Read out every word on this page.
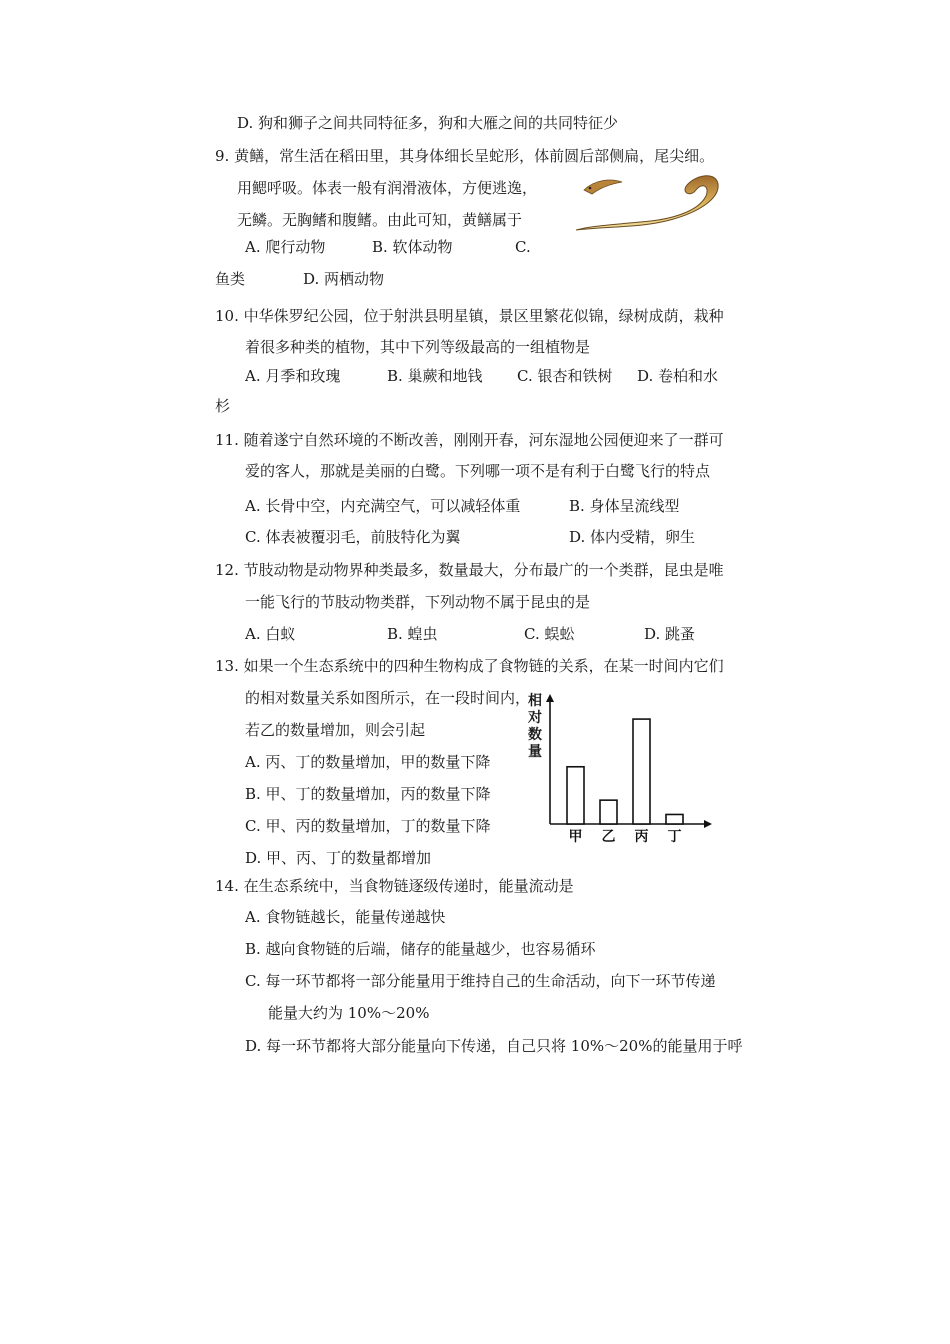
D. 狗和狮子之间共同特征多，狗和大雁之间的共同特征少
9. 黄鳝，常生活在稻田里，其身体细长呈蛇形，体前圆后部侧扁，尾尖细。
用鳃呼吸。体表一般有润滑液体，方便逃逸，
无鳞。无胸鳍和腹鳍。由此可知，黄鳝属于
A. 爬行动物	B. 软体动物	C.
鱼类	D. 两栖动物
10. 中华侏罗纪公园，位于射洪县明星镇，景区里繁花似锦，绿树成荫，栽种
着很多种类的植物，其中下列等级最高的一组植物是
A. 月季和玫瑰	B. 巢蕨和地钱 C. 银杏和铁树 D. 卷柏和水
杉
11. 随着遂宁自然环境的不断改善，刚刚开春，河东湿地公园便迎来了一群可
爱的客人，那就是美丽的白鹭。下列哪一项不是有利于白鹭飞行的特点
A. 长骨中空，内充满空气，可以减轻体重	B. 身体呈流线型
C. 体表被覆羽毛，前肢特化为翼	D. 体内受精，卵生
12. 节肢动物是动物界种类最多，数量最大，分布最广的一个类群，昆虫是唯
一能飞行的节肢动物类群，下列动物不属于昆虫的是
A. 白蚁	B. 蝗虫	C. 蜈蚣	D. 跳蚤
13. 如果一个生态系统中的四种生物构成了食物链的关系，在某一时间内它们
的相对数量关系如图所示，在一段时间内，
若乙的数量增加，则会引起
A. 丙、丁的数量增加，甲的数量下降
B. 甲、丁的数量增加，丙的数量下降
C. 甲、丙的数量增加，丁的数量下降
D. 甲、丙、丁的数量都增加
相
对
数
量
甲 乙 丙 丁
14. 在生态系统中，当食物链逐级传递时，能量流动是
A. 食物链越长，能量传递越快
B. 越向食物链的后端，储存的能量越少，也容易循环
C. 每一环节都将一部分能量用于维持自己的生命活动，向下一环节传递
能量大约为 10%～20%
D. 每一环节都将大部分能量向下传递，自己只将 10%～20%的能量用于呼
